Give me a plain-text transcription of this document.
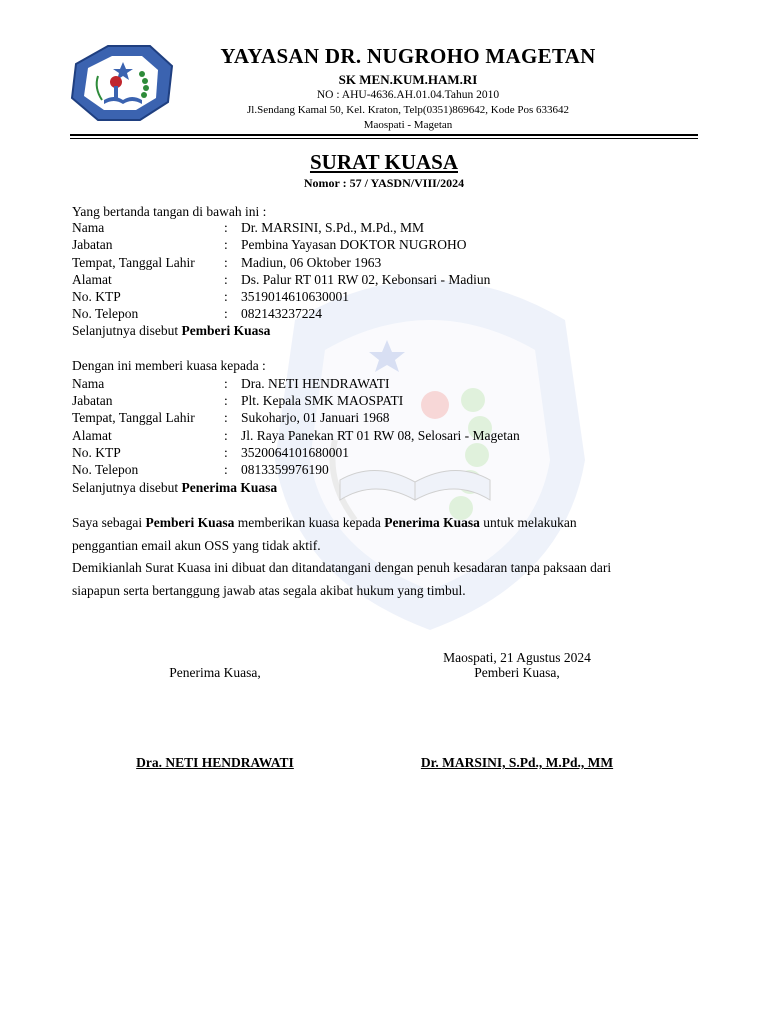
YAYASAN DR. NUGROHO MAGETAN
SK MEN.KUM.HAM.RI
NO : AHU-4636.AH.01.04.Tahun 2010
Jl.Sendang Kamal 50, Kel. Kraton, Telp(0351)869642, Kode Pos 633642
Maospati - Magetan
SURAT KUASA
Nomor : 57 / YASDN/VIII/2024
Yang bertanda tangan di bawah ini :
Nama	: Dr. MARSINI, S.Pd., M.Pd., MM
Jabatan	: Pembina Yayasan DOKTOR NUGROHO
Tempat, Tanggal Lahir : Madiun, 06 Oktober 1963
Alamat	: Ds. Palur RT 011 RW 02, Kebonsari - Madiun
No. KTP	: 3519014610630001
No. Telepon	: 082143237224
Selanjutnya disebut Pemberi Kuasa
Dengan ini memberi kuasa kepada :
Nama	: Dra. NETI HENDRAWATI
Jabatan	: Plt. Kepala SMK MAOSPATI
Tempat, Tanggal Lahir : Sukoharjo, 01 Januari 1968
Alamat	: Jl. Raya Panekan RT 01 RW 08, Selosari - Magetan
No. KTP	: 3520064101680001
No. Telepon	: 0813359976190
Selanjutnya disebut Penerima Kuasa
Saya sebagai Pemberi Kuasa memberikan kuasa kepada Penerima Kuasa untuk melakukan
penggantian email akun OSS yang tidak aktif.
Demikianlah Surat Kuasa ini dibuat dan ditandatangani dengan penuh kesadaran tanpa paksaan dari
siapapun serta bertanggung jawab atas segala akibat hukum yang timbul.
Maospati, 21 Agustus 2024
Penerima Kuasa,	Pemberi Kuasa,
Dra. NETI HENDRAWATI	Dr. MARSINI, S.Pd., M.Pd., MM
